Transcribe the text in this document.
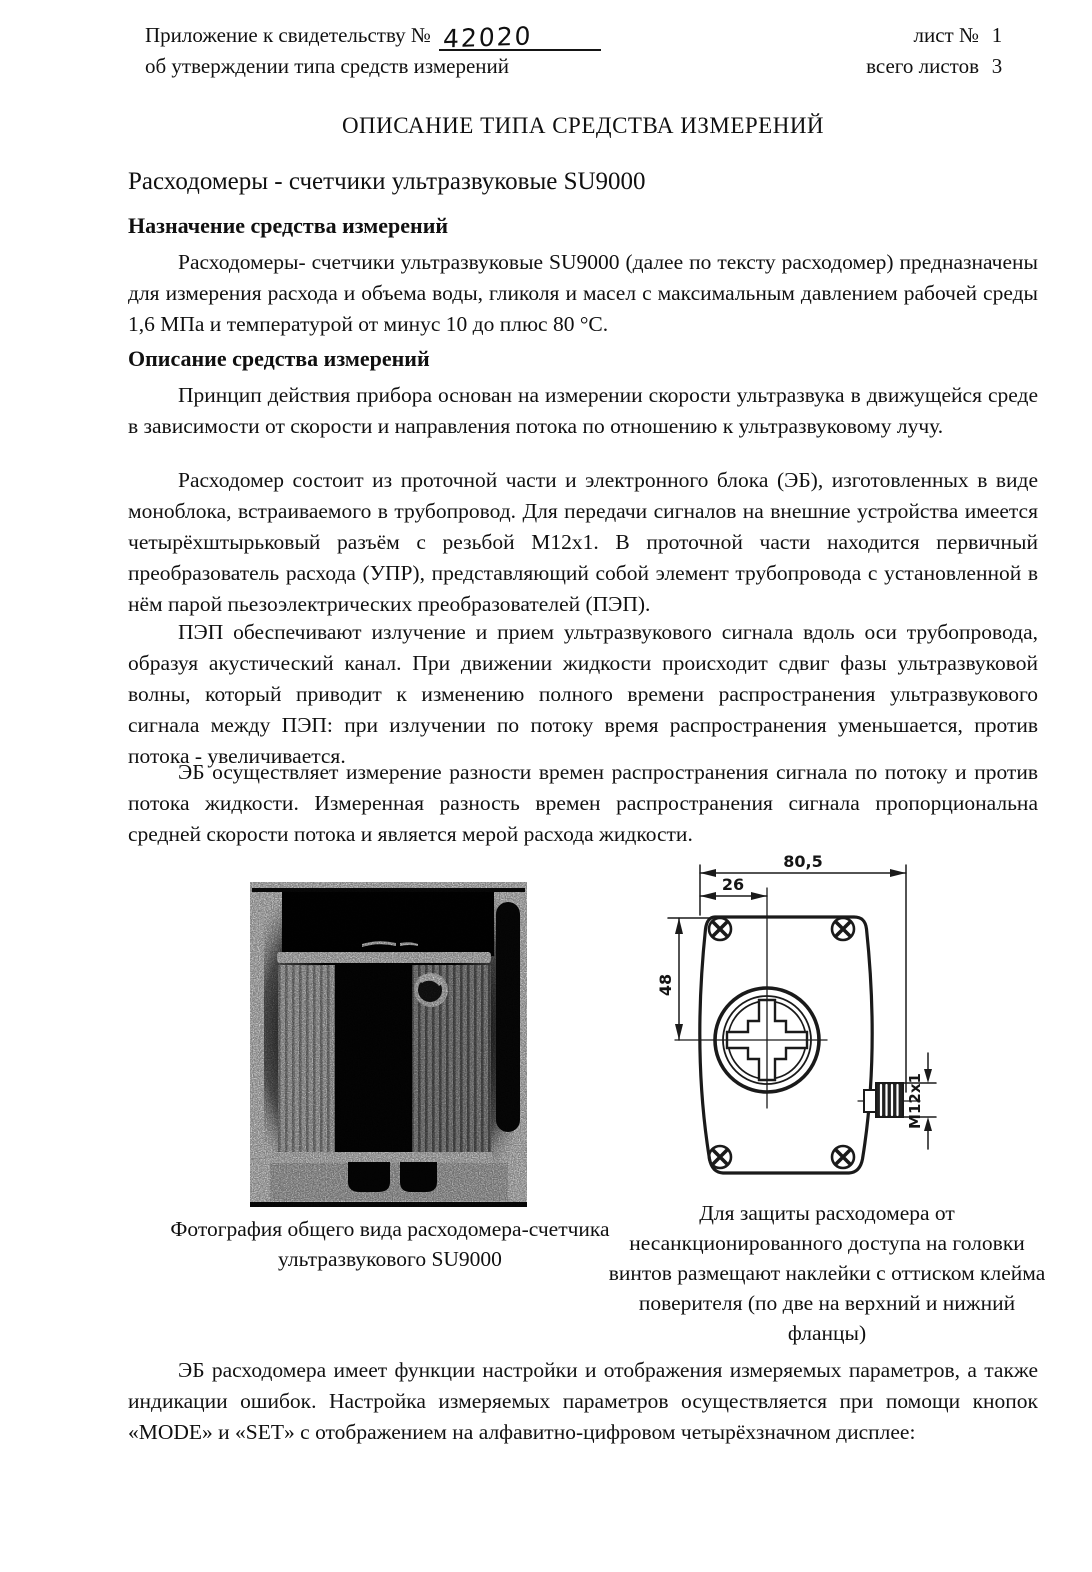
Приложение к свидетельству № 42020
об утверждении типа средств измерений
лист № 1
всего листов 3
ОПИСАНИЕ ТИПА СРЕДСТВА ИЗМЕРЕНИЙ
Расходомеры - счетчики ультразвуковые SU9000
Назначение средства измерений

Расходомеры- счетчики ультразвуковые SU9000 (далее по тексту расходомер) предназначены для измерения расхода и объема воды, гликоля и масел с максимальным давлением рабочей среды 1,6 МПа и температурой от минус 10 до плюс 80 °С.

Описание средства измерений

Принцип действия прибора основан на измерении скорости ультразвука в движущейся среде в зависимости от скорости и направления потока по отношению к ультразвуковому лучу.

Расходомер состоит из проточной части и электронного блока (ЭБ), изготовленных в виде моноблока, встраиваемого в трубопровод. Для передачи сигналов на внешние устройства имеется четырёхштырьковый разъём с резьбой М12х1. В проточной части находится первичный преобразователь расхода (УПР), представляющий собой элемент трубопровода с установленной в нём парой пьезоэлектрических преобразователей (ПЭП).

ПЭП обеспечивают излучение и прием ультразвукового сигнала вдоль оси трубопровода, образуя акустический канал. При движении жидкости происходит сдвиг фазы ультразвуковой волны, который приводит к изменению полного времени распространения ультразвукового сигнала между ПЭП: при излучении по потоку время распространения уменьшается, против потока - увеличивается.

ЭБ осуществляет измерение разности времен распространения сигнала по потоку и против потока жидкости. Измеренная разность времен распространения сигнала пропорциональна средней скорости потока и является мерой расхода жидкости.

80,5
26
48
M12x1

Фотография общего вида расходомера-счетчика ультразвукового SU9000

Для защиты расходомера от несанкционированного доступа на головки винтов размещают наклейки с оттиском клейма поверителя (по две на верхний и нижний фланцы)

ЭБ расходомера имеет функции настройки и отображения измеряемых параметров, а также индикации ошибок. Настройка измеряемых параметров осуществляется при помощи кнопок «MODE» и «SET» с отображением на алфавитно-цифровом четырёхзначном дисплее:
